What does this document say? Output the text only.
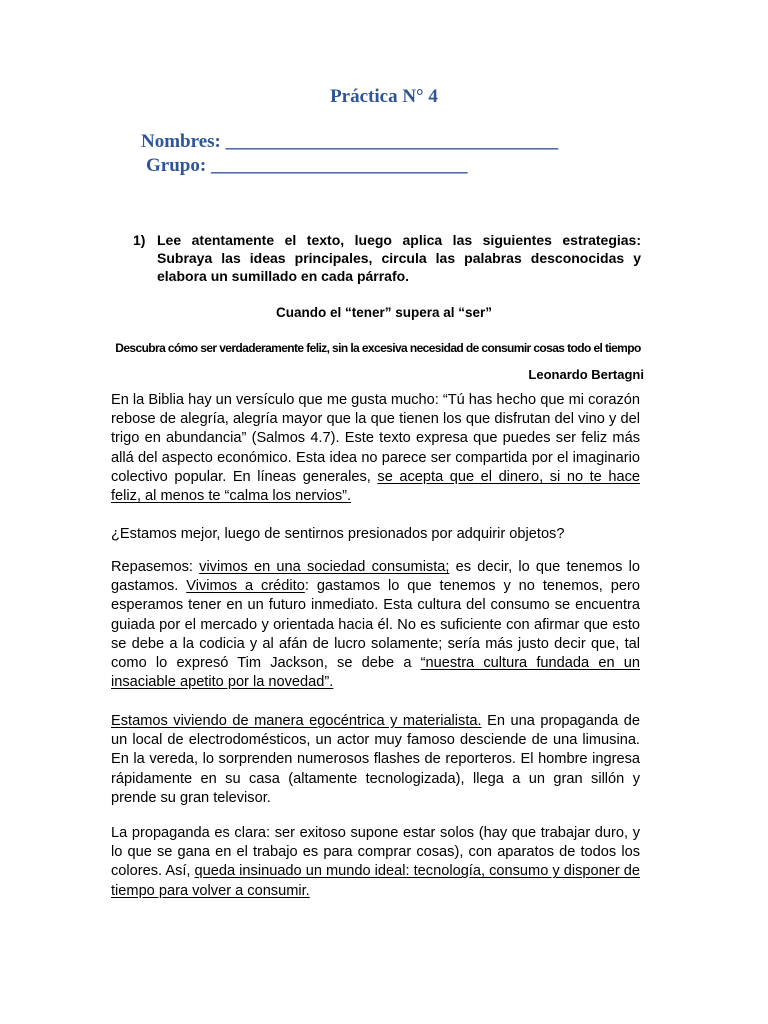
Práctica N° 4
Nombres: ___________________________________
Grupo: ___________________________
1) Lee atentamente el texto, luego aplica las siguientes estrategias: Subraya las ideas principales, circula las palabras desconocidas y elabora un sumillado en cada párrafo.
Cuando el “tener” supera al “ser”
Descubra cómo ser verdaderamente feliz, sin la excesiva necesidad de consumir cosas todo el tiempo
Leonardo Bertagni
En la Biblia hay un versículo que me gusta mucho: “Tú has hecho que mi corazón rebose de alegría, alegría mayor que la que tienen los que disfrutan del vino y del trigo en abundancia” (Salmos 4.7). Este texto expresa que puedes ser feliz más allá del aspecto económico. Esta idea no parece ser compartida por el imaginario colectivo popular. En líneas generales, se acepta que el dinero, si no te hace feliz, al menos te “calma los nervios”.
¿Estamos mejor, luego de sentirnos presionados por adquirir objetos?
Repasemos: vivimos en una sociedad consumista; es decir, lo que tenemos lo gastamos. Vivimos a crédito: gastamos lo que tenemos y no tenemos, pero esperamos tener en un futuro inmediato. Esta cultura del consumo se encuentra guiada por el mercado y orientada hacia él. No es suficiente con afirmar que esto se debe a la codicia y al afán de lucro solamente; sería más justo decir que, tal como lo expresó Tim Jackson, se debe a “nuestra cultura fundada en un insaciable apetito por la novedad”.
Estamos viviendo de manera egocéntrica y materialista. En una propaganda de un local de electrodomésticos, un actor muy famoso desciende de una limusina. En la vereda, lo sorprenden numerosos flashes de reporteros. El hombre ingresa rápidamente en su casa (altamente tecnologizada), llega a un gran sillón y prende su gran televisor.
La propaganda es clara: ser exitoso supone estar solos (hay que trabajar duro, y lo que se gana en el trabajo es para comprar cosas), con aparatos de todos los colores. Así, queda insinuado un mundo ideal: tecnología, consumo y disponer de tiempo para volver a consumir.
